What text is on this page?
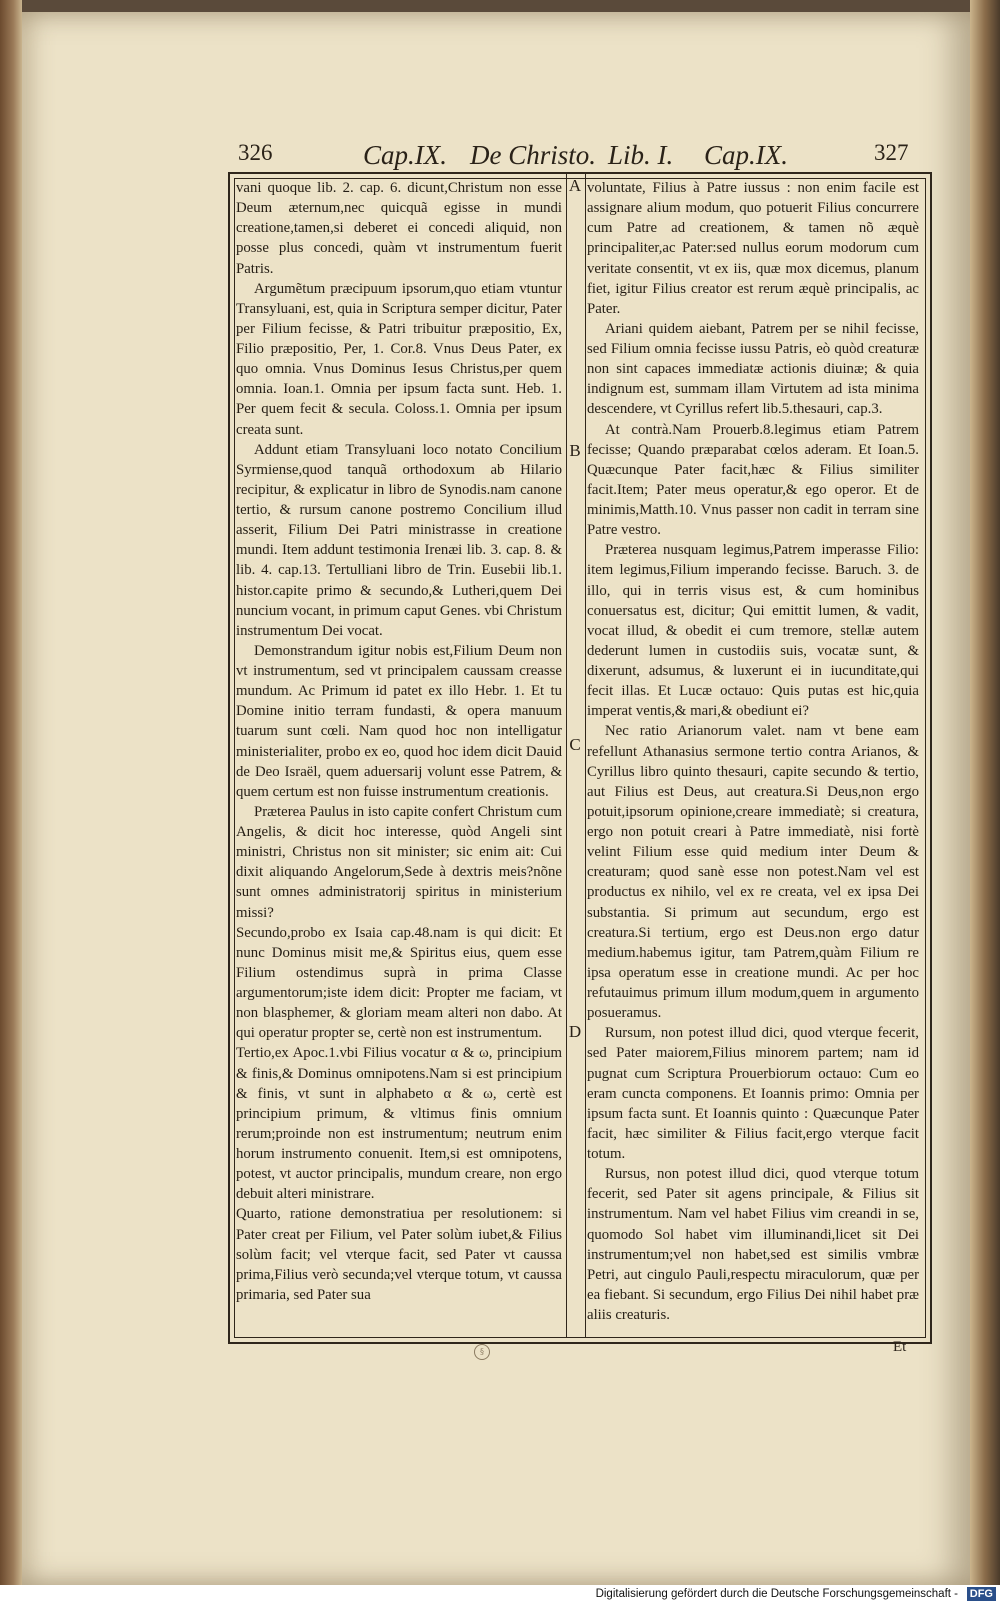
326	Cap.IX. De Christo. Lib. I. Cap.IX.	327
A
B
C
D

vani quoque lib. 2. cap. 6. dicunt,Christum non esse Deum æternum,nec quicquã egisse in mundi creatione,tamen,si deberet ei concedi aliquid, non posse plus concedi, quàm vt instrumentum fuerit Patris.

Argumẽtum præcipuum ipsorum,quo etiam vtuntur Transyluani, est, quia in Scriptura semper dicitur, Pater per Filium fecisse, & Patri tribuitur præpositio, Ex, Filio præpositio, Per, 1. Cor.8. Vnus Deus Pater, ex quo omnia. Vnus Dominus Iesus Christus,per quem omnia. Ioan.1. Omnia per ipsum facta sunt. Heb. 1. Per quem fecit & secula. Coloss.1. Omnia per ipsum creata sunt.

Addunt etiam Transyluani loco notato Concilium Syrmiense,quod tanquã orthodoxum ab Hilario recipitur, & explicatur in libro de Synodis.nam canone tertio, & rursum canone postremo Concilium illud asserit, Filium Dei Patri ministrasse in creatione mundi. Item addunt testimonia Irenæi lib. 3. cap. 8. & lib. 4. cap.13. Tertulliani libro de Trin. Eusebii lib.1. histor.capite primo & secundo,& Lutheri,quem Dei nuncium vocant, in primum caput Genes. vbi Christum instrumentum Dei vocat.

Demonstrandum igitur nobis est,Filium Deum non vt instrumentum, sed vt principalem caussam creasse mundum. Ac Primum id patet ex illo Hebr. 1. Et tu Domine initio terram fundasti, & opera manuum tuarum sunt cœli. Nam quod hoc non intelligatur ministerialiter, probo ex eo, quod hoc idem dicit Dauid de Deo Israël, quem aduersarij volunt esse Patrem, & quem certum est non fuisse instrumentum creationis.

Præterea Paulus in isto capite confert Christum cum Angelis, & dicit hoc interesse, quòd Angeli sint ministri, Christus non sit minister; sic enim ait: Cui dixit aliquando Angelorum,Sede à dextris meis?nõne sunt omnes administratorij spiritus in ministerium missi?

Secundo,probo ex Isaia cap.48.nam is qui dicit: Et nunc Dominus misit me,& Spiritus eius, quem esse Filium ostendimus suprà in prima Classe argumentorum;iste idem dicit: Propter me faciam, vt non blasphemer, & gloriam meam alteri non dabo. At qui operatur propter se, certè non est instrumentum.

Tertio,ex Apoc.1.vbi Filius vocatur α & ω, principium & finis,& Dominus omnipotens.Nam si est principium & finis, vt sunt in alphabeto α & ω, certè est principium primum, & vltimus finis omnium rerum;proinde non est instrumentum; neutrum enim horum instrumento conuenit. Item,si est omnipotens, potest, vt auctor principalis, mundum creare, non ergo debuit alteri ministrare.

Quarto, ratione demonstratiua per resolutionem: si Pater creat per Filium, vel Pater solùm iubet,& Filius solùm facit; vel vterque facit, sed Pater vt caussa prima,Filius verò secunda;vel vterque totum, vt caussa primaria, sed Pater sua

voluntate, Filius à Patre iussus : non enim facile est assignare alium modum, quo potuerit Filius concurrere cum Patre ad creationem, & tamen nõ æquè principaliter,ac Pater:sed nullus eorum modorum cum veritate consentit, vt ex iis, quæ mox dicemus, planum fiet, igitur Filius creator est rerum æquè principalis, ac Pater.

Ariani quidem aiebant, Patrem per se nihil fecisse, sed Filium omnia fecisse iussu Patris, eò quòd creaturæ non sint capaces immediatæ actionis diuinæ; & quia indignum est, summam illam Virtutem ad ista minima descendere, vt Cyrillus refert lib.5.thesauri, cap.3.

At contrà.Nam Prouerb.8.legimus etiam Patrem fecisse; Quando præparabat cœlos aderam. Et Ioan.5. Quæcunque Pater facit,hæc & Filius similiter facit.Item; Pater meus operatur,& ego operor. Et de minimis,Matth.10. Vnus passer non cadit in terram sine Patre vestro.

Præterea nusquam legimus,Patrem imperasse Filio: item legimus,Filium imperando fecisse. Baruch. 3. de illo, qui in terris visus est, & cum hominibus conuersatus est, dicitur; Qui emittit lumen, & vadit, vocat illud, & obedit ei cum tremore, stellæ autem dederunt lumen in custodiis suis, vocatæ sunt, & dixerunt, adsumus, & luxerunt ei in iucunditate,qui fecit illas. Et Lucæ octauo: Quis putas est hic,quia imperat ventis,& mari,& obediunt ei?

Nec ratio Arianorum valet. nam vt bene eam refellunt Athanasius sermone tertio contra Arianos, & Cyrillus libro quinto thesauri, capite secundo & tertio, aut Filius est Deus, aut creatura.Si Deus,non ergo potuit,ipsorum opinione,creare immediatè; si creatura, ergo non potuit creari à Patre immediatè, nisi fortè velint Filium esse quid medium inter Deum & creaturam; quod sanè esse non potest.Nam vel est productus ex nihilo, vel ex re creata, vel ex ipsa Dei substantia. Si primum aut secundum, ergo est creatura.Si tertium, ergo est Deus.non ergo datur medium.habemus igitur, tam Patrem,quàm Filium re ipsa operatum esse in creatione mundi. Ac per hoc refutauimus primum illum modum,quem in argumento posueramus.

Rursum, non potest illud dici, quod vterque fecerit, sed Pater maiorem,Filius minorem partem; nam id pugnat cum Scriptura Prouerbiorum octauo: Cum eo eram cuncta componens. Et Ioannis primo: Omnia per ipsum facta sunt. Et Ioannis quinto : Quæcunque Pater facit, hæc similiter & Filius facit,ergo vterque facit totum.

Rursus, non potest illud dici, quod vterque totum fecerit, sed Pater sit agens principale, & Filius sit instrumentum. Nam vel habet Filius vim creandi in se, quomodo Sol habet vim illuminandi,licet sit Dei instrumentum;vel non habet,sed est similis vmbræ Petri, aut cingulo Pauli,respectu miraculorum, quæ per ea fiebant. Si secundum, ergo Filius Dei nihil habet præ aliis creaturis.

§	Et
Digitalisierung gefördert durch die Deutsche Forschungsgemeinschaft - DFG
